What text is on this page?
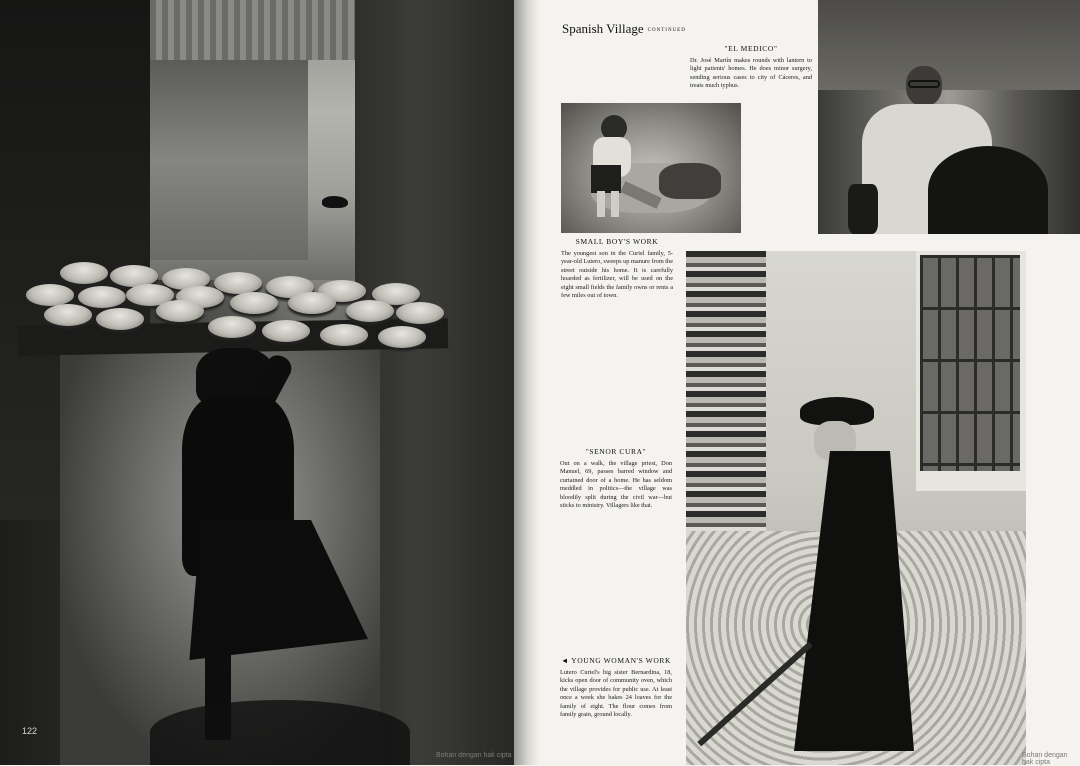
122
Bohan dengan hak cipta
Spanish Village CONTINUED
"EL MEDICO"
Dr. José Martín makes rounds with lantern to light patients' homes. He does minor surgery, sending serious cases to city of Cáceres, and treats much typhus.
SMALL BOY'S WORK
The youngest son in the Curiel family, 5-year-old Lutero, sweeps up manure from the street outside his home. It is carefully hoarded as fertilizer, will be used on the eight small fields the family owns or rents a few miles out of town.
"SENOR CURA"
Out on a walk, the village priest, Don Manuel, 69, passes barred window and curtained door of a home. He has seldom meddled in politics—the village was bloodily split during the civil war—but sticks to ministry. Villagers like that.
◄ YOUNG WOMAN'S WORK
Lutero Curiel's big sister Bernardina, 18, kicks open door of community oven, which the village provides for public use. At least once a week she bakes 24 loaves for the family of eight. The flour comes from family grain, ground locally.
Bohan dengan hak cipta
